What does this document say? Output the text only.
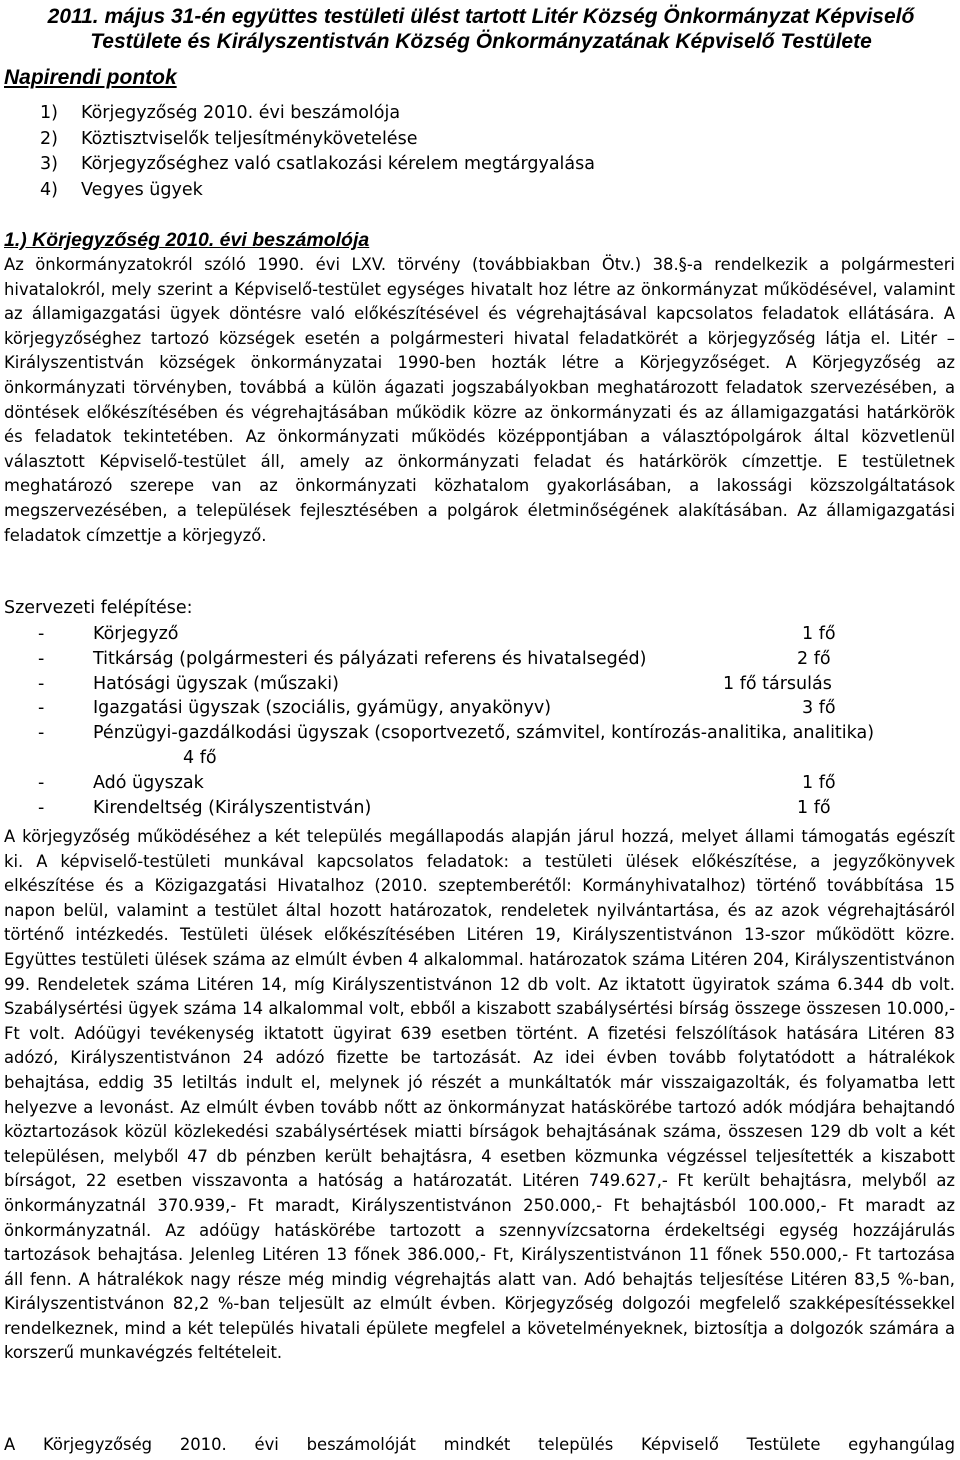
2011. május 31-én együttes testületi ülést tartott Litér Község Önkormányzat Képviselő
Testülete és Királyszentistván Község Önkormányzatának Képviselő Testülete
Napirendi pontok
1) Körjegyzőség 2010. évi beszámolója
2) Köztisztviselők teljesítménykövetelése
3) Körjegyzőséghez való csatlakozási kérelem megtárgyalása
4) Vegyes ügyek
1.) Körjegyzőség 2010. évi beszámolója

Az önkormányzatokról szóló 1990. évi LXV. törvény (továbbiakban Ötv.) 38.§-a rendelkezik a polgármesteri hivatalokról, mely szerint a Képviselő-testület egységes hivatalt hoz létre az önkormányzat működésével, valamint az államigazgatási ügyek döntésre való előkészítésével és végrehajtásával kapcsolatos feladatok ellátására. A körjegyzőséghez tartozó községek esetén a polgármesteri hivatal feladatkörét a körjegyzőség látja el. Litér – Királyszentistván községek önkormányzatai 1990-ben hozták létre a Körjegyzőséget. A Körjegyzőség az önkormányzati törvényben, továbbá a külön ágazati jogszabályokban meghatározott feladatok szervezésében, a döntések előkészítésében és végrehajtásában működik közre az önkormányzati és az államigazgatási határkörök és feladatok tekintetében. Az önkormányzati működés középpontjában a választópolgárok által közvetlenül választott Képviselő-testület áll, amely az önkormányzati feladat és határkörök címzettje. E testületnek meghatározó szerepe van az önkormányzati közhatalom gyakorlásában, a lakossági közszolgáltatások megszervezésében, a települések fejlesztésében a polgárok életminőségének alakításában. Az államigazgatási feladatok címzettje a körjegyző.

Szervezeti felépítése:
-	Körjegyző	1 fő
-	Titkárság (polgármesteri és pályázati referens és hivatalsegéd)	2 fő
-	Hatósági ügyszak (műszaki)	1 fő társulás
-	Igazgatási ügyszak (szociális, gyámügy, anyakönyv)	3 fő
-	Pénzügyi-gazdálkodási ügyszak (csoportvezető, számvitel, kontírozás-analitika, analitika)
4 fő
-	Adó ügyszak	1 fő
-	Kirendeltség (Királyszentistván)	1 fő

A körjegyzőség működéséhez a két település megállapodás alapján járul hozzá, melyet állami támogatás egészít ki. A képviselő-testületi munkával kapcsolatos feladatok: a testületi ülések előkészítése, a jegyzőkönyvek elkészítése és a Közigazgatási Hivatalhoz (2010. szeptemberétől: Kormányhivatalhoz) történő továbbítása 15 napon belül, valamint a testület által hozott határozatok, rendeletek nyilvántartása, és az azok végrehajtásáról történő intézkedés. Testületi ülések előkészítésében Litéren 19, Királyszentistvánon 13-szor működött közre. Együttes testületi ülések száma az elmúlt évben 4 alkalommal. határozatok száma Litéren 204, Királyszentistvánon 99. Rendeletek száma Litéren 14, míg Királyszentistvánon 12 db volt. Az iktatott ügyiratok száma 6.344 db volt. Szabálysértési ügyek száma 14 alkalommal volt, ebből a kiszabott szabálysértési bírság összege összesen 10.000,- Ft volt. Adóügyi tevékenység iktatott ügyirat 639 esetben történt. A fizetési felszólítások hatására Litéren 83 adózó, Királyszentistvánon 24 adózó fizette be tartozását. Az idei évben tovább folytatódott a hátralékok behajtása, eddig 35 letiltás indult el, melynek jó részét a munkáltatók már visszaigazolták, és folyamatba lett helyezve a levonást. Az elmúlt évben tovább nőtt az önkormányzat hatáskörébe tartozó adók módjára behajtandó köztartozások közül közlekedési szabálysértések miatti bírságok behajtásának száma, összesen 129 db volt a két településen, melyből 47 db pénzben került behajtásra, 4 esetben közmunka végzéssel teljesítették a kiszabott bírságot, 22 esetben visszavonta a hatóság a határozatát. Litéren 749.627,- Ft került behajtásra, melyből az önkormányzatnál 370.939,- Ft maradt, Királyszentistvánon 250.000,- Ft behajtásból 100.000,- Ft maradt az önkormányzatnál. Az adóügy hatáskörébe tartozott a szennyvízcsatorna érdekeltségi egység hozzájárulás tartozások behajtása. Jelenleg Litéren 13 főnek 386.000,- Ft, Királyszentistvánon 11 főnek 550.000,- Ft tartozása áll fenn. A hátralékok nagy része még mindig végrehajtás alatt van. Adó behajtás teljesítése Litéren 83,5 %-ban, Királyszentistvánon 82,2 %-ban teljesült az elmúlt évben. Körjegyzőség dolgozói megfelelő szakképesítéssekkel rendelkeznek, mind a két település hivatali épülete megfelel a követelményeknek, biztosítja a dolgozók számára a korszerű munkavégzés feltételeit.

A Körjegyzőség 2010. évi beszámolóját mindkét település Képviselő Testülete egyhangúlag
